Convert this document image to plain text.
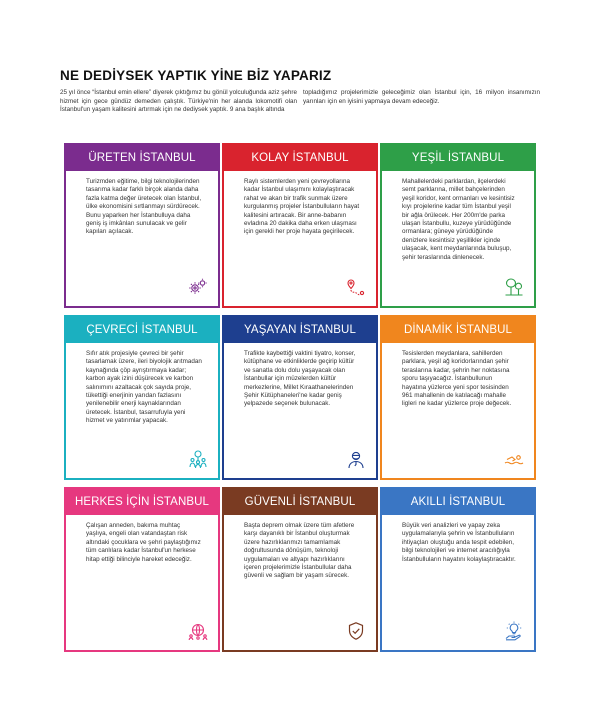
NE DEDİYSEK YAPTIK YİNE BİZ YAPARIZ
25 yıl önce “İstanbul emin ellere” diyerek çıktığımız bu gönül yolculuğunda aziz şehre hizmet için gece gündüz demeden çalıştık. Türkiye'nin her alanda lokomotifi olan İstanbul'un yaşam kalitesini artırmak için ne dediysek yaptık. 9 ana başlık altında
topladığımız projelerimizle geleceğimiz olan İstanbul için, 16 milyon insanımızın yarınları için en iyisini yapmaya devam edeceğiz.
ÜRETEN İSTANBUL
Turizmden eğitime, bilgi teknolojilerinden tasarıma kadar farklı birçok alanda daha fazla katma değer üretecek olan İstanbul, ülke ekonomisini sırtlanmayı sürdürecek. Bunu yaparken her İstanbulluya daha geniş iş imkânları sunulacak ve gelir kapıları açılacak.
KOLAY İSTANBUL
Raylı sistemlerden yeni çevreyollarına kadar İstanbul ulaşımını kolaylaştıracak rahat ve akan bir trafik sunmak üzere kurgulanmış projeler İstanbulluların hayat kalitesini artıracak. Bir anne-babanın evladına 20 dakika daha erken ulaşması için gerekli her proje hayata geçirilecek.
YEŞİL İSTANBUL
Mahallelerdeki parklardan, ilçelerdeki semt parklarına, millet bahçelerinden yeşil koridor, kent ormanları ve kesintisiz kıyı projelerine kadar tüm İstanbul yeşil bir ağla örülecek. Her 200m'de parka ulaşan İstanbullu, kuzeye yürüdüğünde ormanlara; güneye yürüdüğünde denizlere kesintisiz yeşillikler içinde ulaşacak, kent meydanlarında buluşup, şehir teraslarında dinlenecek.
ÇEVRECİ İSTANBUL
Sıfır atık projesiyle çevreci bir şehir tasarlamak üzere, ileri biyolojik arıtmadan kaynağında çöp ayrıştırmaya kadar; karbon ayak izini düşürecek ve karbon salınımını azaltacak çok sayıda proje, tükettiği enerjinin yarıdan fazlasını yenilenebilir enerji kaynaklarından üretecek. İstanbul, tasarrufuyla yeni hizmet ve yatırımlar yapacak.
YAŞAYAN İSTANBUL
Trafikte kaybettiği vaktini tiyatro, konser, kütüphane ve etkinliklerde geçirip kültür ve sanatla dolu dolu yaşayacak olan İstanbullar için müzelerden kültür merkezlerine, Millet Kıraathanelerinden Şehir Kütüphaneleri'ne kadar geniş yelpazede seçenek bulunacak.
DİNAMİK İSTANBUL
Tesislerden meydanlara, sahillerden parklara, yeşil ağ koridorlarından şehir teraslarına kadar, şehrin her noktasına sporu taşıyacağız. İstanbullunun hayatına yüzlerce yeni spor tesisinden 961 mahallenin de katılacağı mahalle ligleri ne kadar yüzlerce proje değecek.
HERKES İÇİN İSTANBUL
Çalışan anneden, bakıma muhtaç yaşlıya, engeli olan vatandaştan risk altındaki çocuklara ve şehri paylaştığımız tüm canlılara kadar İstanbul'un herkese hitap ettiği bilinciyle hareket edeceğiz.
GÜVENLİ İSTANBUL
Başta deprem olmak üzere tüm afetlere karşı dayanıklı bir İstanbul oluşturmak üzere hazırlıklarımızı tamamlamak doğrultusunda dönüşüm, teknoloji uygulamaları ve altyapı hazırlıklarını içeren projelerimizle İstanbullular daha güvenli ve sağlam bir yaşam sürecek.
AKILLI İSTANBUL
Büyük veri analizleri ve yapay zeka uygulamalarıyla şehrin ve İstanbulluların ihtiyaçları oluştuğu anda tespit edebilen, bilgi teknolojileri ve internet aracılığıyla İstanbulluların hayatını kolaylaştıracaktır.
